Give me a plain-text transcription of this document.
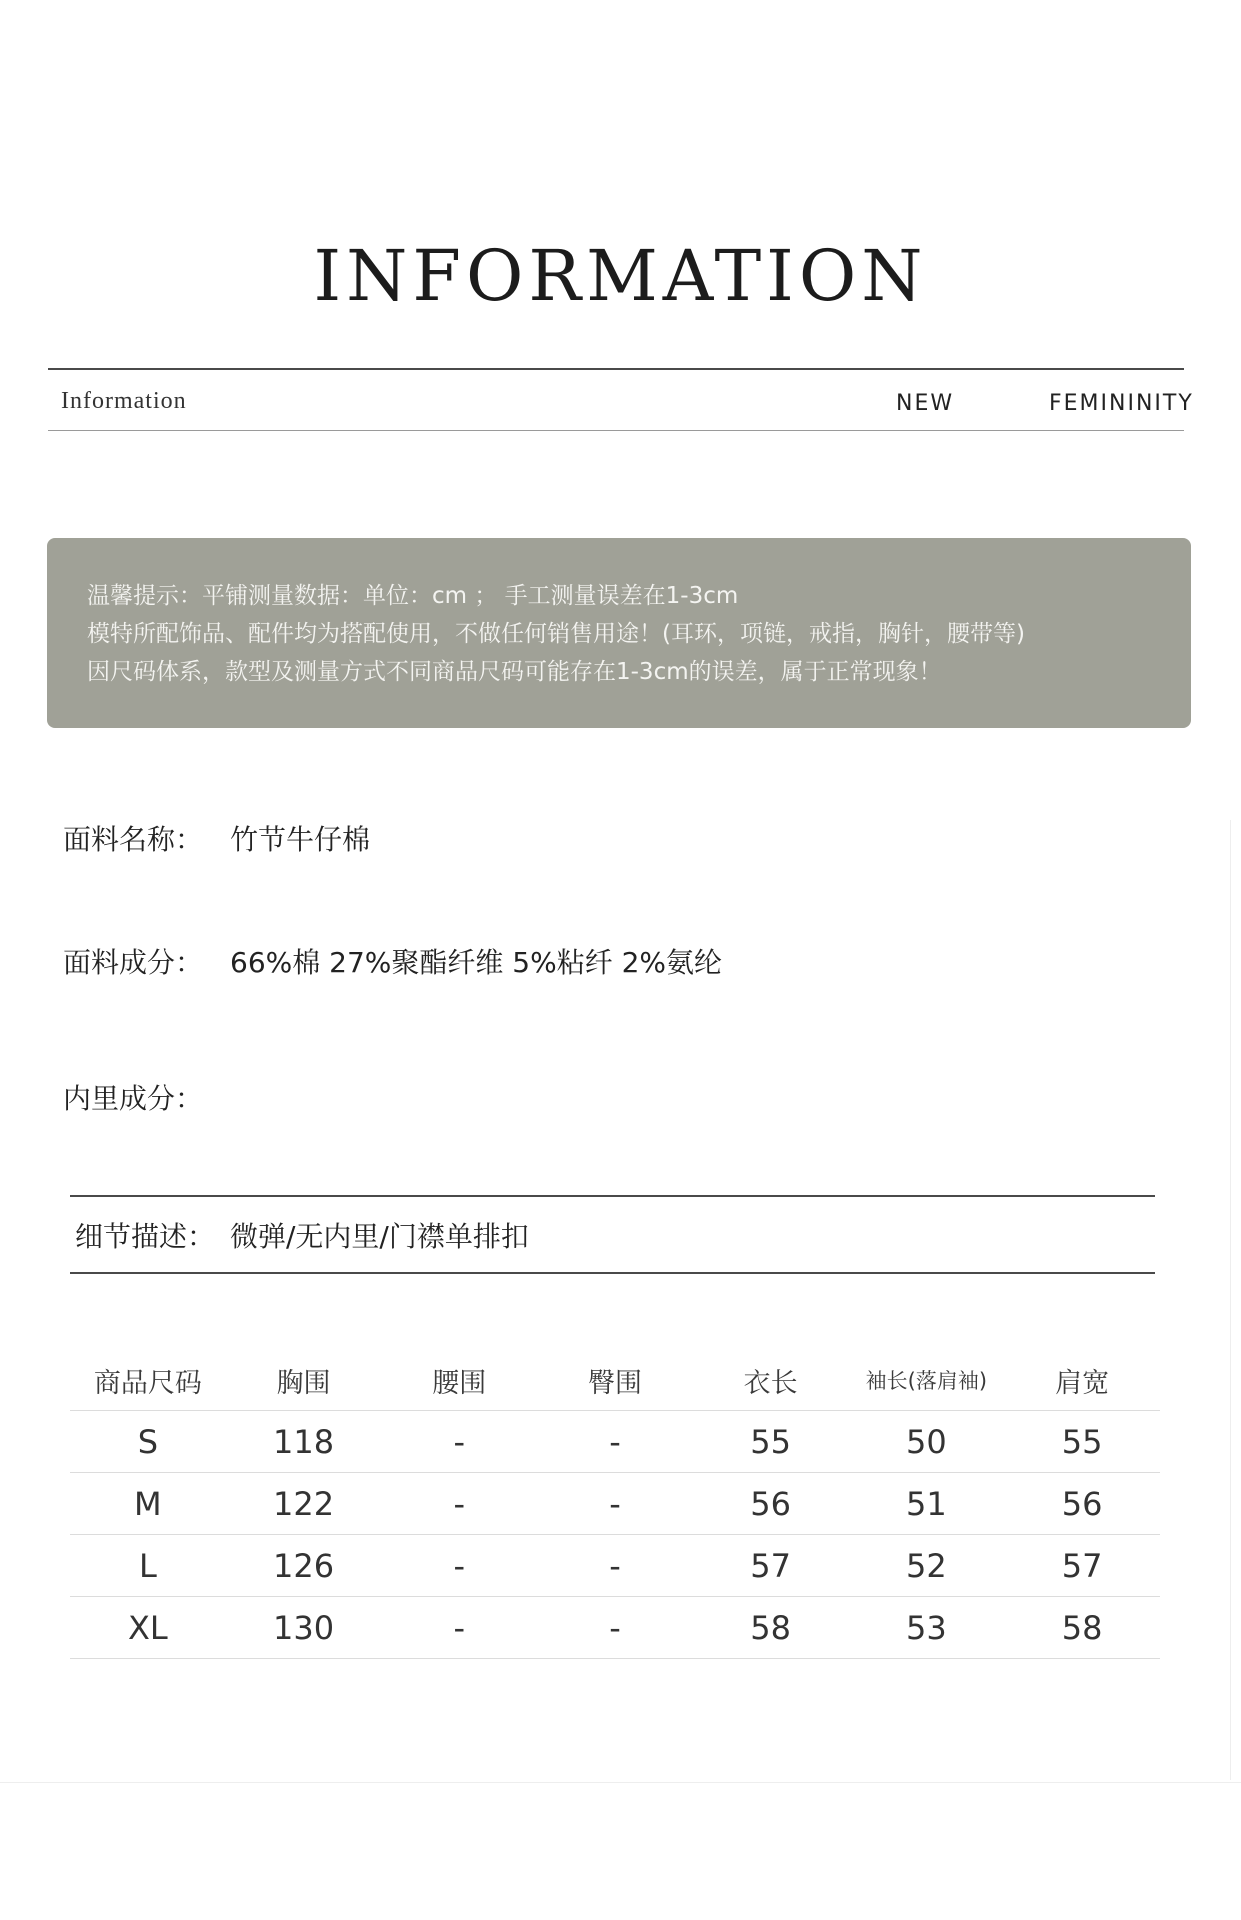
INFORMATION
Information	NEW	FEMININITY
温馨提示：平铺测量数据：单位：cm ； 手工测量误差在1-3cm
模特所配饰品、配件均为搭配使用，不做任何销售用途！(耳环，项链，戒指，胸针，腰带等)
因尺码体系，款型及测量方式不同商品尺码可能存在1-3cm的误差，属于正常现象！
面料名称： 竹节牛仔棉
面料成分： 66%棉 27%聚酯纤维 5%粘纤 2%氨纶
内里成分：
细节描述： 微弹/无内里/门襟单排扣
商品尺码	胸围	腰围	臀围	衣长	袖长(落肩袖)	肩宽
S	118	-	-	55	50	55
M	122	-	-	56	51	56
L	126	-	-	57	52	57
XL	130	-	-	58	53	58
